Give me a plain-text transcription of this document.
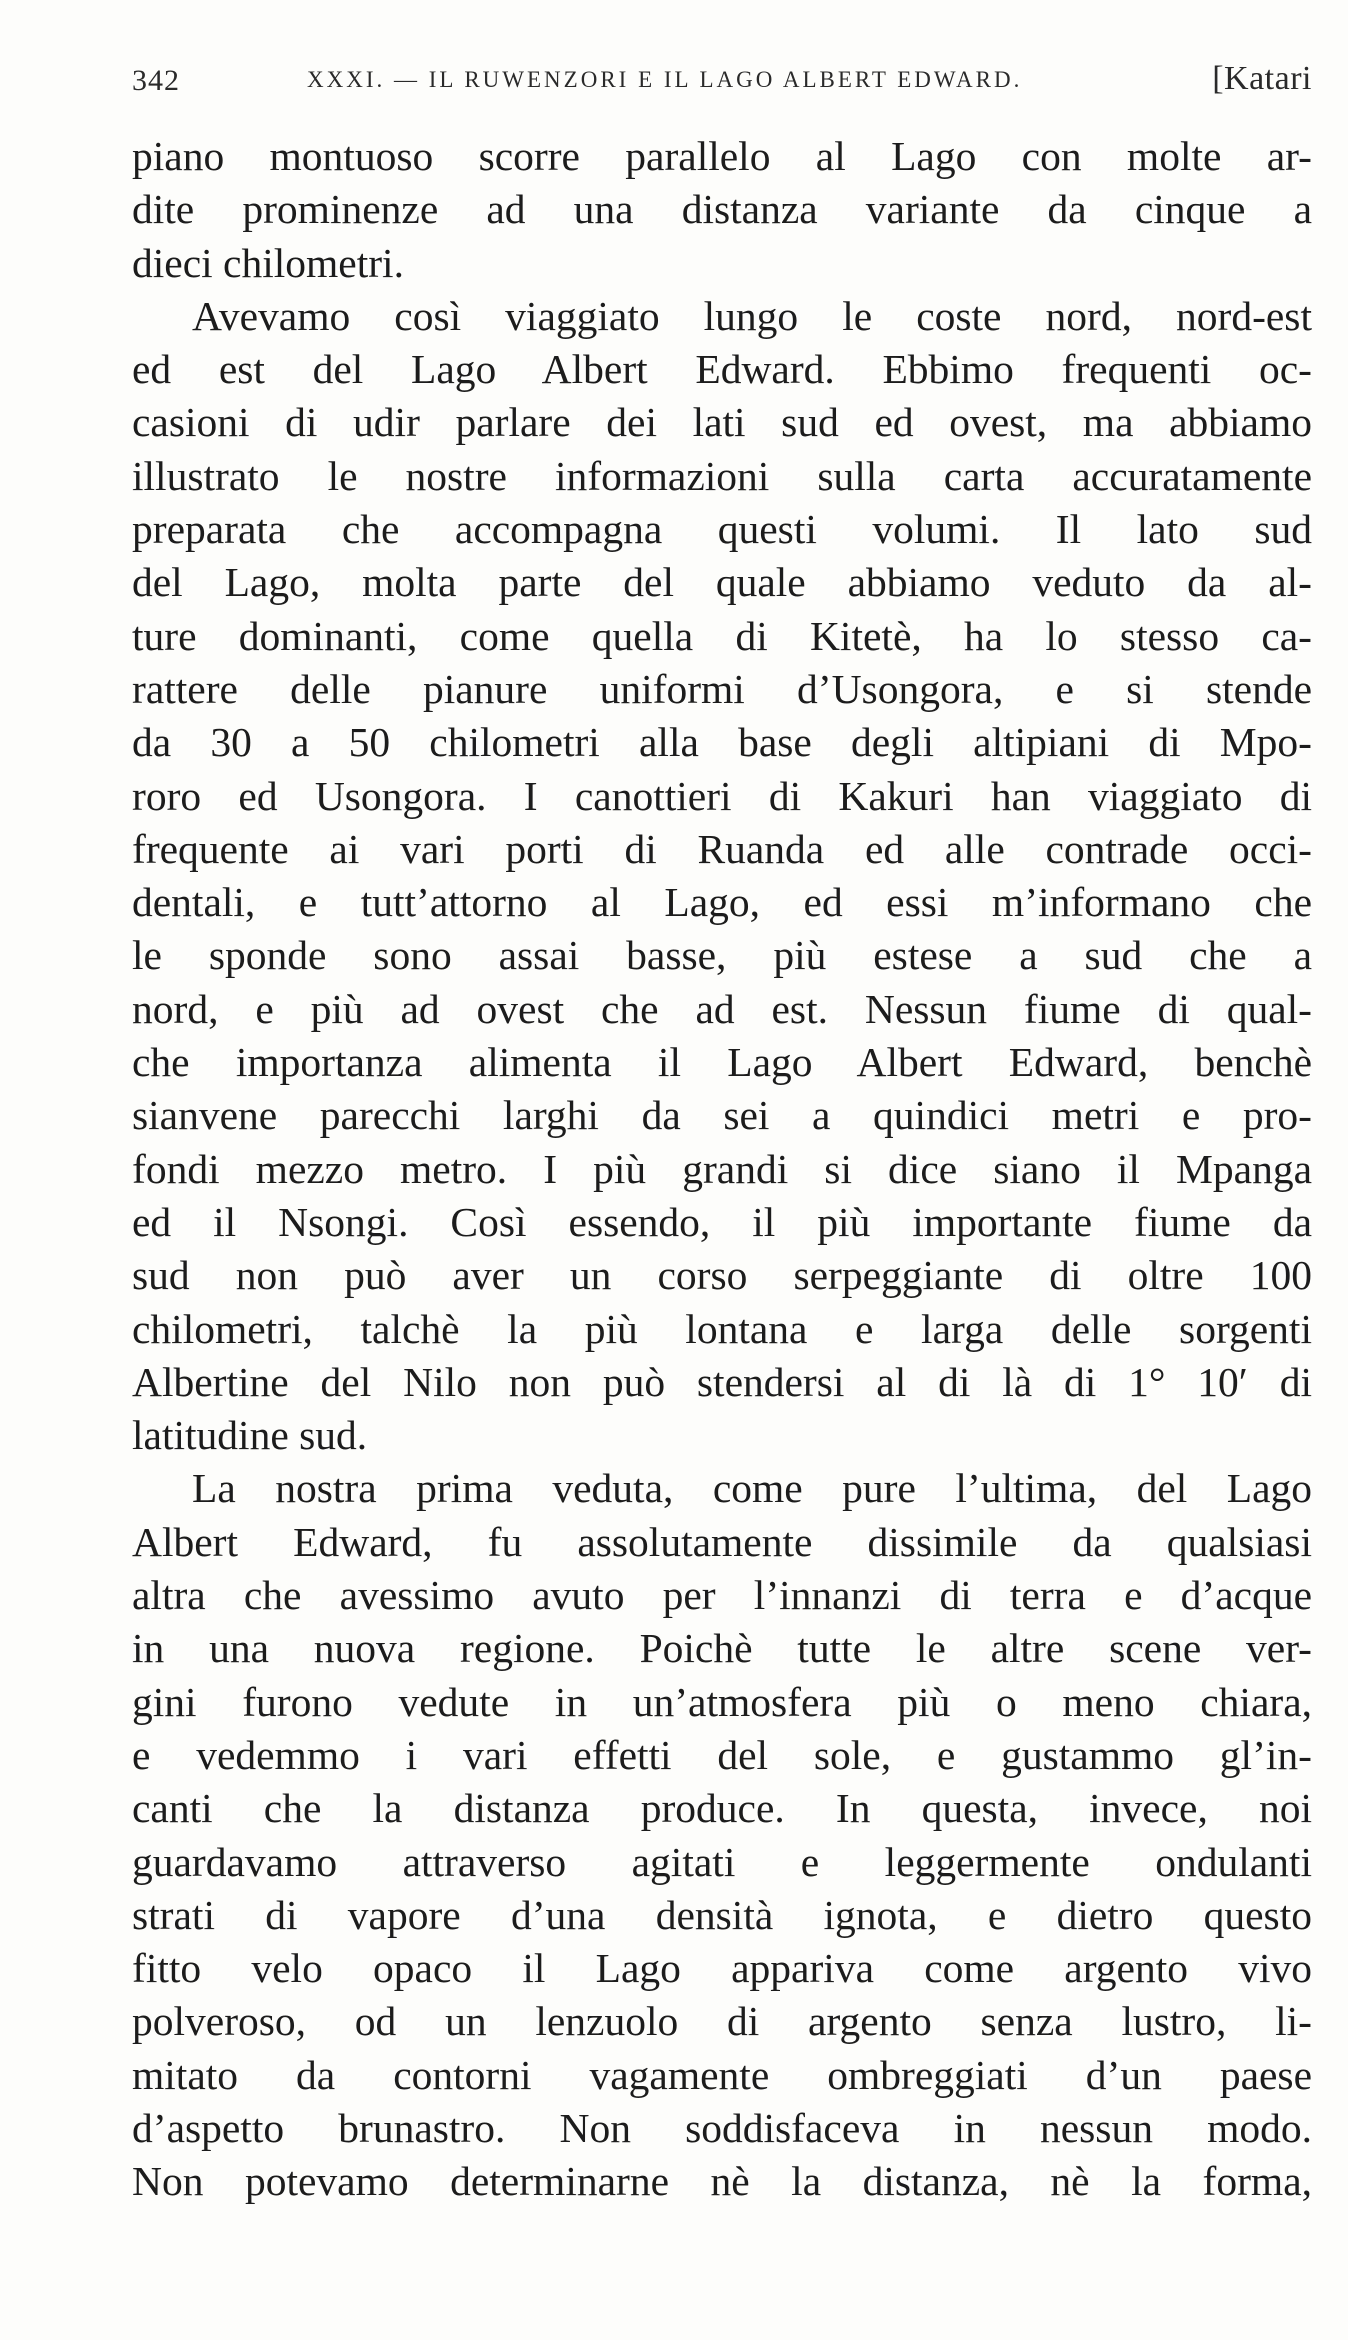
342	XXXI. — IL RUWENZORI E IL LAGO ALBERT EDWARD.	[Katari
piano montuoso scorre parallelo al Lago con molte ar-
dite prominenze ad una distanza variante da cinque a
dieci chilometri.
Avevamo così viaggiato lungo le coste nord, nord-est
ed est del Lago Albert Edward. Ebbimo frequenti oc-
casioni di udir parlare dei lati sud ed ovest, ma abbiamo
illustrato le nostre informazioni sulla carta accuratamente
preparata che accompagna questi volumi. Il lato sud
del Lago, molta parte del quale abbiamo veduto da al-
ture dominanti, come quella di Kitetè, ha lo stesso ca-
rattere delle pianure uniformi d’Usongora, e si stende
da 30 a 50 chilometri alla base degli altipiani di Mpo-
roro ed Usongora. I canottieri di Kakuri han viaggiato di
frequente ai vari porti di Ruanda ed alle contrade occi-
dentali, e tutt’attorno al Lago, ed essi m’informano che
le sponde sono assai basse, più estese a sud che a
nord, e più ad ovest che ad est. Nessun fiume di qual-
che importanza alimenta il Lago Albert Edward, benchè
sianvene parecchi larghi da sei a quindici metri e pro-
fondi mezzo metro. I più grandi si dice siano il Mpanga
ed il Nsongi. Così essendo, il più importante fiume da
sud non può aver un corso serpeggiante di oltre 100
chilometri, talchè la più lontana e larga delle sorgenti
Albertine del Nilo non può stendersi al di là di 1° 10′ di
latitudine sud.
La nostra prima veduta, come pure l’ultima, del Lago
Albert Edward, fu assolutamente dissimile da qualsiasi
altra che avessimo avuto per l’innanzi di terra e d’acque
in una nuova regione. Poichè tutte le altre scene ver-
gini furono vedute in un’atmosfera più o meno chiara,
e vedemmo i vari effetti del sole, e gustammo gl’in-
canti che la distanza produce. In questa, invece, noi
guardavamo attraverso agitati e leggermente ondulanti
strati di vapore d’una densità ignota, e dietro questo
fitto velo opaco il Lago appariva come argento vivo
polveroso, od un lenzuolo di argento senza lustro, li-
mitato da contorni vagamente ombreggiati d’un paese
d’aspetto brunastro. Non soddisfaceva in nessun modo.
Non potevamo determinarne nè la distanza, nè la forma,
